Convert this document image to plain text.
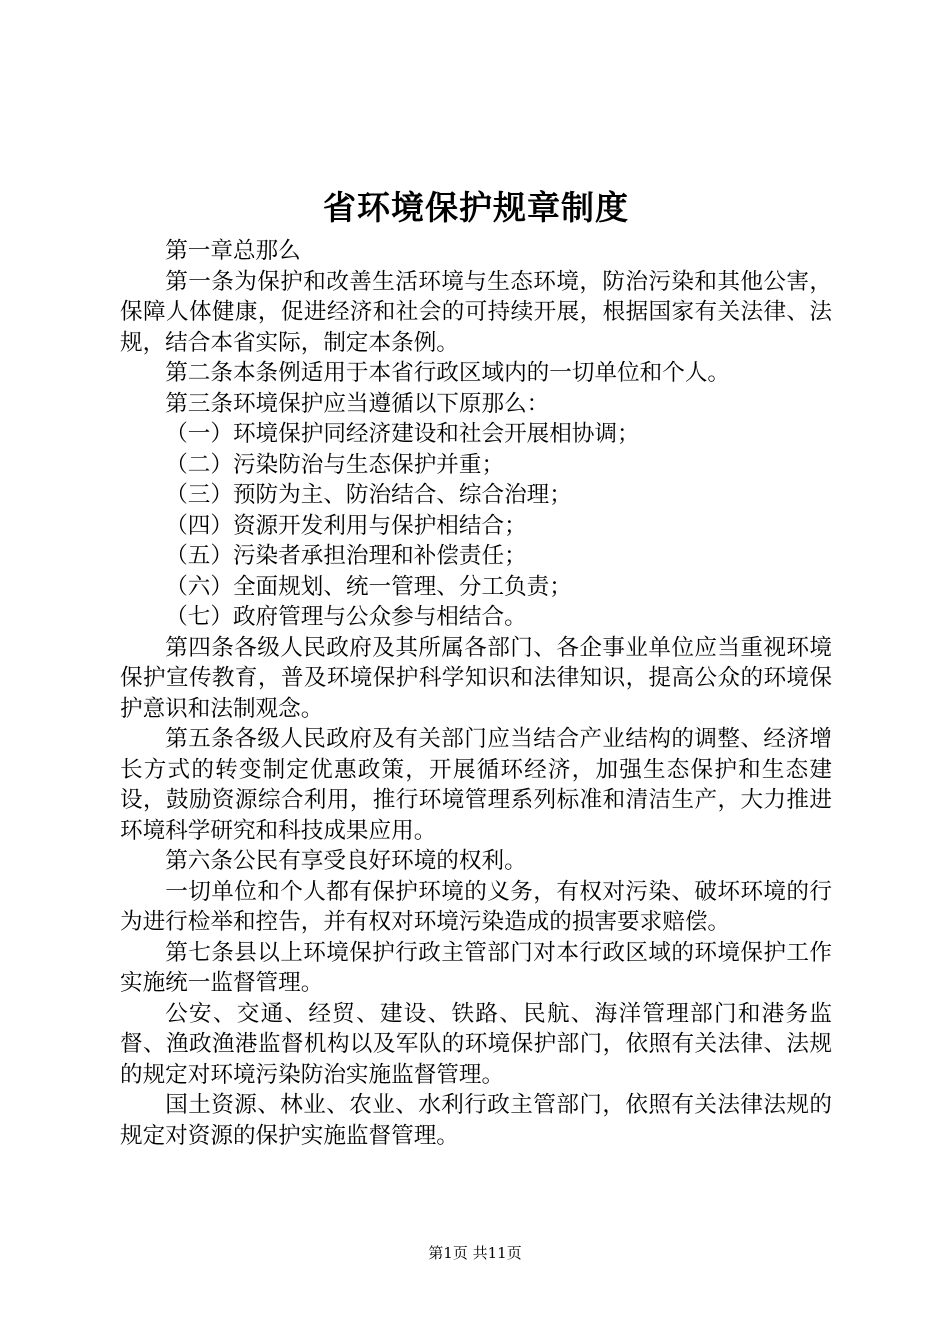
省环境保护规章制度

第一章总那么

第一条为保护和改善生活环境与生态环境，防治污染和其他公害，保障人体健康，促进经济和社会的可持续开展，根据国家有关法律、法规，结合本省实际，制定本条例。

第二条本条例适用于本省行政区域内的一切单位和个人。

第三条环境保护应当遵循以下原那么：

（一）环境保护同经济建设和社会开展相协调；

（二）污染防治与生态保护并重；

（三）预防为主、防治结合、综合治理；

（四）资源开发利用与保护相结合；

（五）污染者承担治理和补偿责任；

（六）全面规划、统一管理、分工负责；

（七）政府管理与公众参与相结合。

第四条各级人民政府及其所属各部门、各企事业单位应当重视环境保护宣传教育，普及环境保护科学知识和法律知识，提高公众的环境保护意识和法制观念。

第五条各级人民政府及有关部门应当结合产业结构的调整、经济增长方式的转变制定优惠政策，开展循环经济，加强生态保护和生态建设，鼓励资源综合利用，推行环境管理系列标准和清洁生产，大力推进环境科学研究和科技成果应用。

第六条公民有享受良好环境的权利。

一切单位和个人都有保护环境的义务，有权对污染、破坏环境的行为进行检举和控告，并有权对环境污染造成的损害要求赔偿。

第七条县以上环境保护行政主管部门对本行政区域的环境保护工作实施统一监督管理。

公安、交通、经贸、建设、铁路、民航、海洋管理部门和港务监督、渔政渔港监督机构以及军队的环境保护部门，依照有关法律、法规的规定对环境污染防治实施监督管理。

国土资源、林业、农业、水利行政主管部门，依照有关法律法规的规定对资源的保护实施监督管理。

第1页 共11页
